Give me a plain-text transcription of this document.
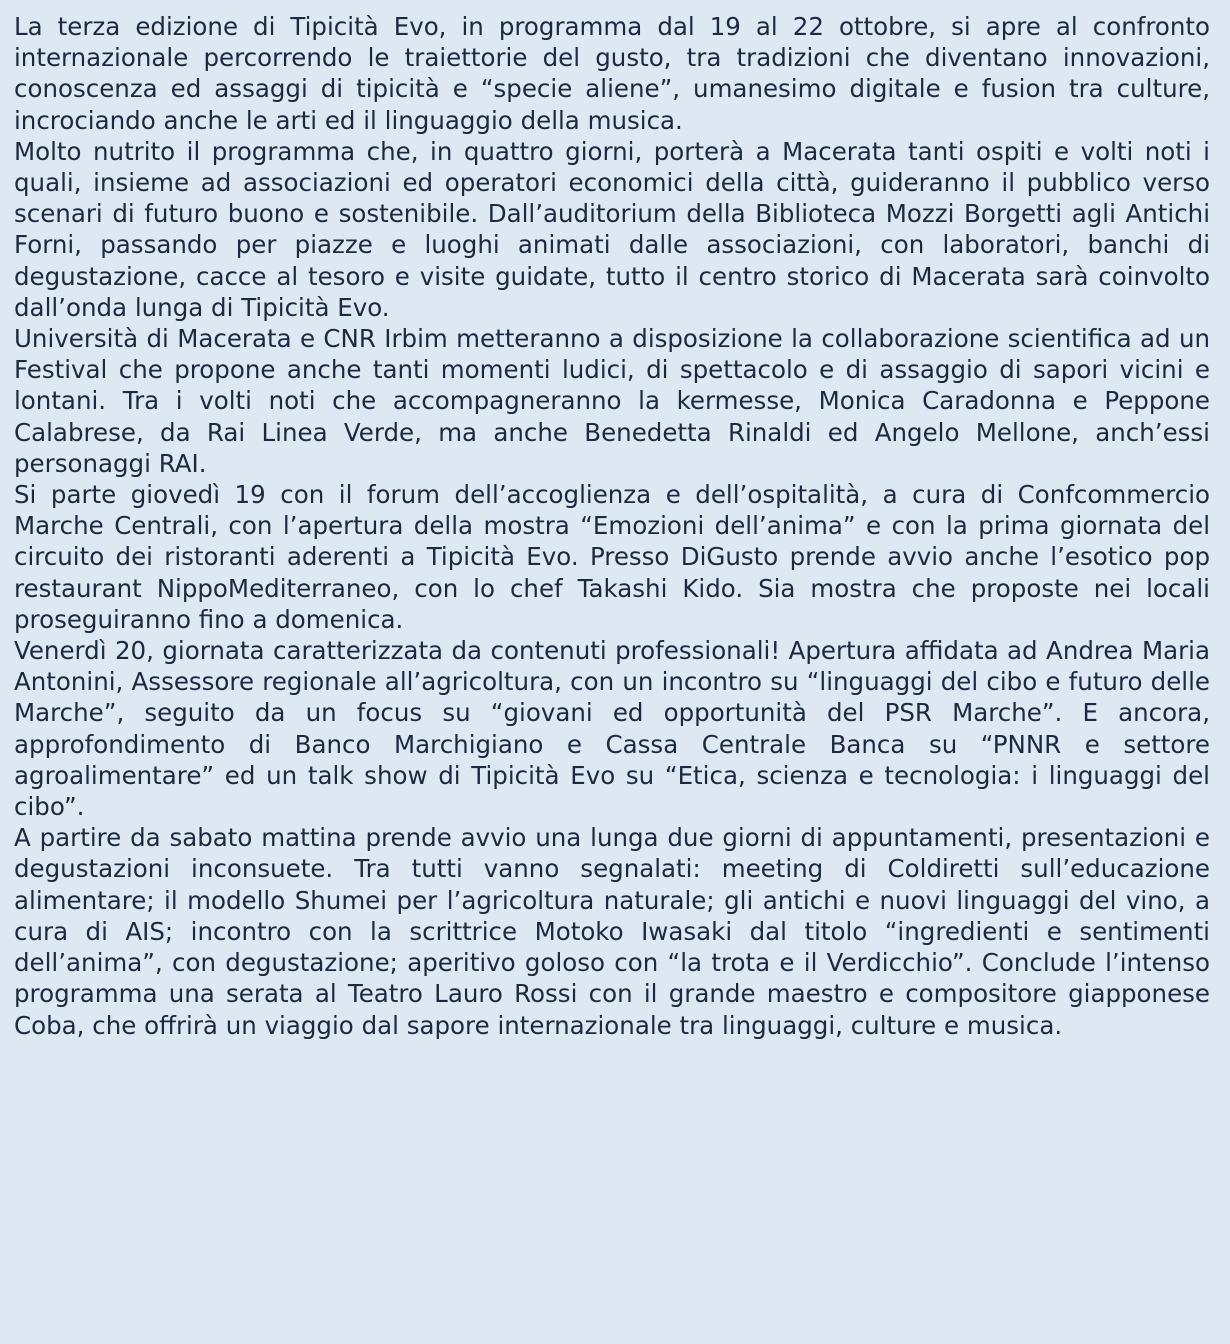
La terza edizione di Tipicità Evo, in programma dal 19 al 22 ottobre, si apre al confronto internazionale percorrendo le traiettorie del gusto, tra tradizioni che diventano innovazioni, conoscenza ed assaggi di tipicità e “specie aliene”, umanesimo digitale e fusion tra culture, incrociando anche le arti ed il linguaggio della musica.

Molto nutrito il programma che, in quattro giorni, porterà a Macerata tanti ospiti e volti noti i quali, insieme ad associazioni ed operatori economici della città, guideranno il pubblico verso scenari di futuro buono e sostenibile. Dall’auditorium della Biblioteca Mozzi Borgetti agli Antichi Forni, passando per piazze e luoghi animati dalle associazioni, con laboratori, banchi di degustazione, cacce al tesoro e visite guidate, tutto il centro storico di Macerata sarà coinvolto dall’onda lunga di Tipicità Evo.

Università di Macerata e CNR Irbim metteranno a disposizione la collaborazione scientifica ad un Festival che propone anche tanti momenti ludici, di spettacolo e di assaggio di sapori vicini e lontani. Tra i volti noti che accompagneranno la kermesse, Monica Caradonna e Peppone Calabrese, da Rai Linea Verde, ma anche Benedetta Rinaldi ed Angelo Mellone, anch’essi personaggi RAI.

Si parte giovedì 19 con il forum dell’accoglienza e dell’ospitalità, a cura di Confcommercio Marche Centrali, con l’apertura della mostra “Emozioni dell’anima” e con la prima giornata del circuito dei ristoranti aderenti a Tipicità Evo. Presso DiGusto prende avvio anche l’esotico pop restaurant NippoMediterraneo, con lo chef Takashi Kido. Sia mostra che proposte nei locali proseguiranno fino a domenica.

Venerdì 20, giornata caratterizzata da contenuti professionali! Apertura affidata ad Andrea Maria Antonini, Assessore regionale all’agricoltura, con un incontro su “linguaggi del cibo e futuro delle Marche”, seguito da un focus su “giovani ed opportunità del PSR Marche”. E ancora, approfondimento di Banco Marchigiano e Cassa Centrale Banca su “PNNR e settore agroalimentare” ed un talk show di Tipicità Evo su “Etica, scienza e tecnologia: i linguaggi del cibo”.

A partire da sabato mattina prende avvio una lunga due giorni di appuntamenti, presentazioni e degustazioni inconsuete. Tra tutti vanno segnalati: meeting di Coldiretti sull’educazione alimentare; il modello Shumei per l’agricoltura naturale; gli antichi e nuovi linguaggi del vino, a cura di AIS; incontro con la scrittrice Motoko Iwasaki dal titolo “ingredienti e sentimenti dell’anima”, con degustazione; aperitivo goloso con “la trota e il Verdicchio”. Conclude l’intenso programma una serata al Teatro Lauro Rossi con il grande maestro e compositore giapponese Coba, che offrirà un viaggio dal sapore internazionale tra linguaggi, culture e musica.
